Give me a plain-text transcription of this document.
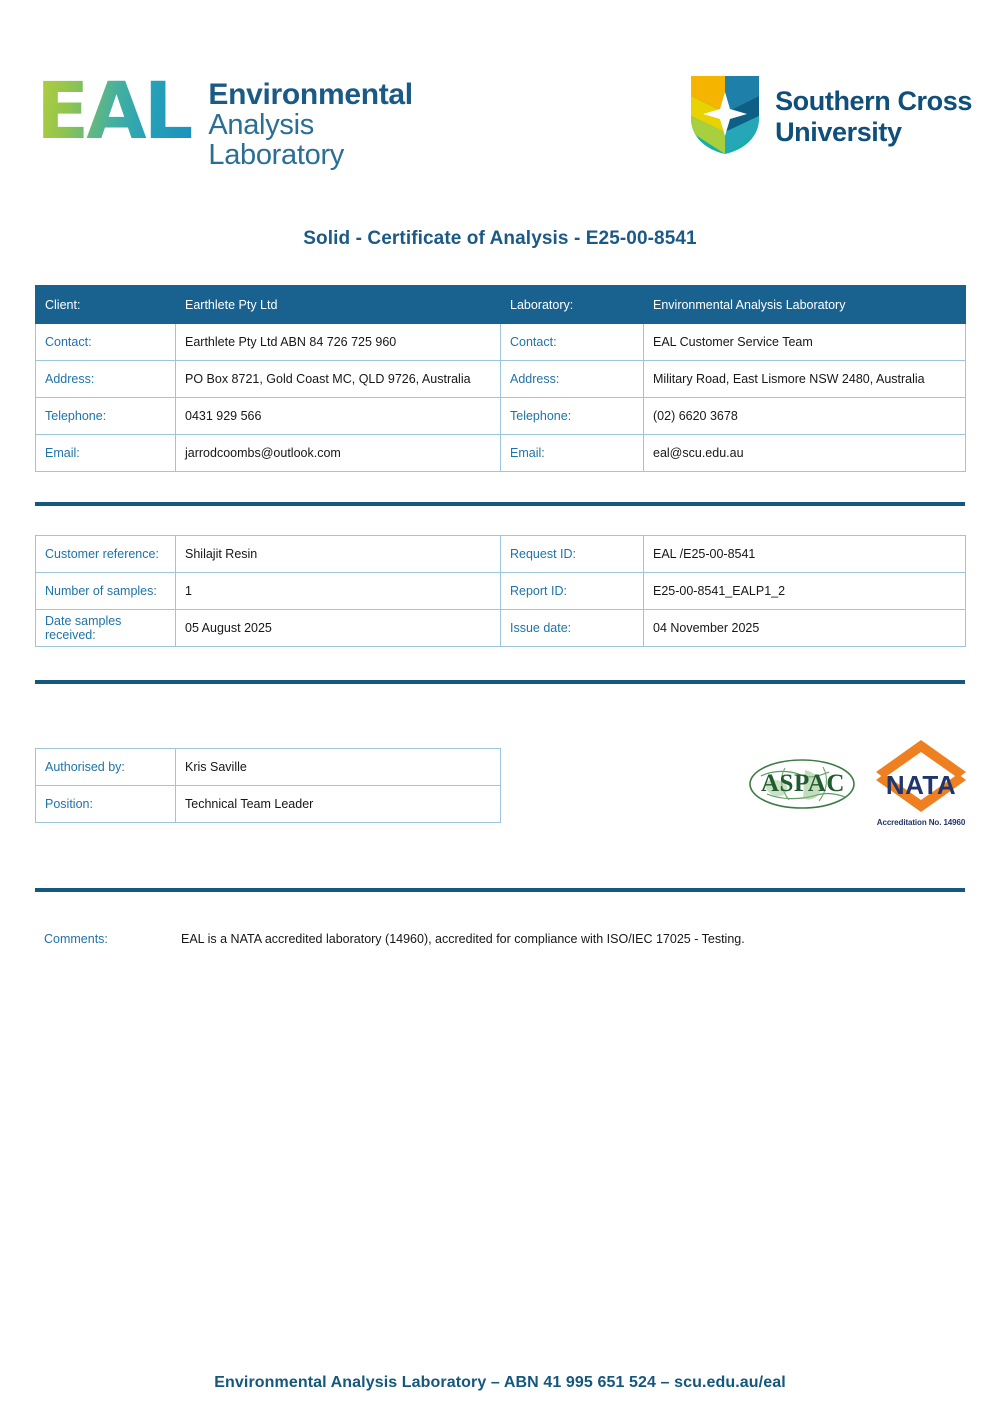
EAL Environmental
Analysis
Laboratory
Southern Cross
University
Solid - Certificate of Analysis - E25-00-8541
Client:	Earthlete Pty Ltd	Laboratory:	Environmental Analysis Laboratory
Contact:	Earthlete Pty Ltd ABN 84 726 725 960	Contact:	EAL Customer Service Team
Address:	PO Box 8721, Gold Coast MC, QLD 9726, Australia	Address:	Military Road, East Lismore NSW 2480, Australia
Telephone:	0431 929 566	Telephone:	(02) 6620 3678
Email:	jarrodcoombs@outlook.com	Email:	eal@scu.edu.au
Customer reference:	Shilajit Resin	Request ID:	EAL /E25-00-8541
Number of samples:	1	Report ID:	E25-00-8541_EALP1_2
Date samples received:	05 August 2025	Issue date:	04 November 2025
Authorised by:	Kris Saville
Position:	Technical Team Leader
ASPAC	NATA
Accreditation No. 14960
Comments:	EAL is a NATA accredited laboratory (14960), accredited for compliance with ISO/IEC 17025 - Testing.
Environmental Analysis Laboratory – ABN 41 995 651 524 – scu.edu.au/eal
